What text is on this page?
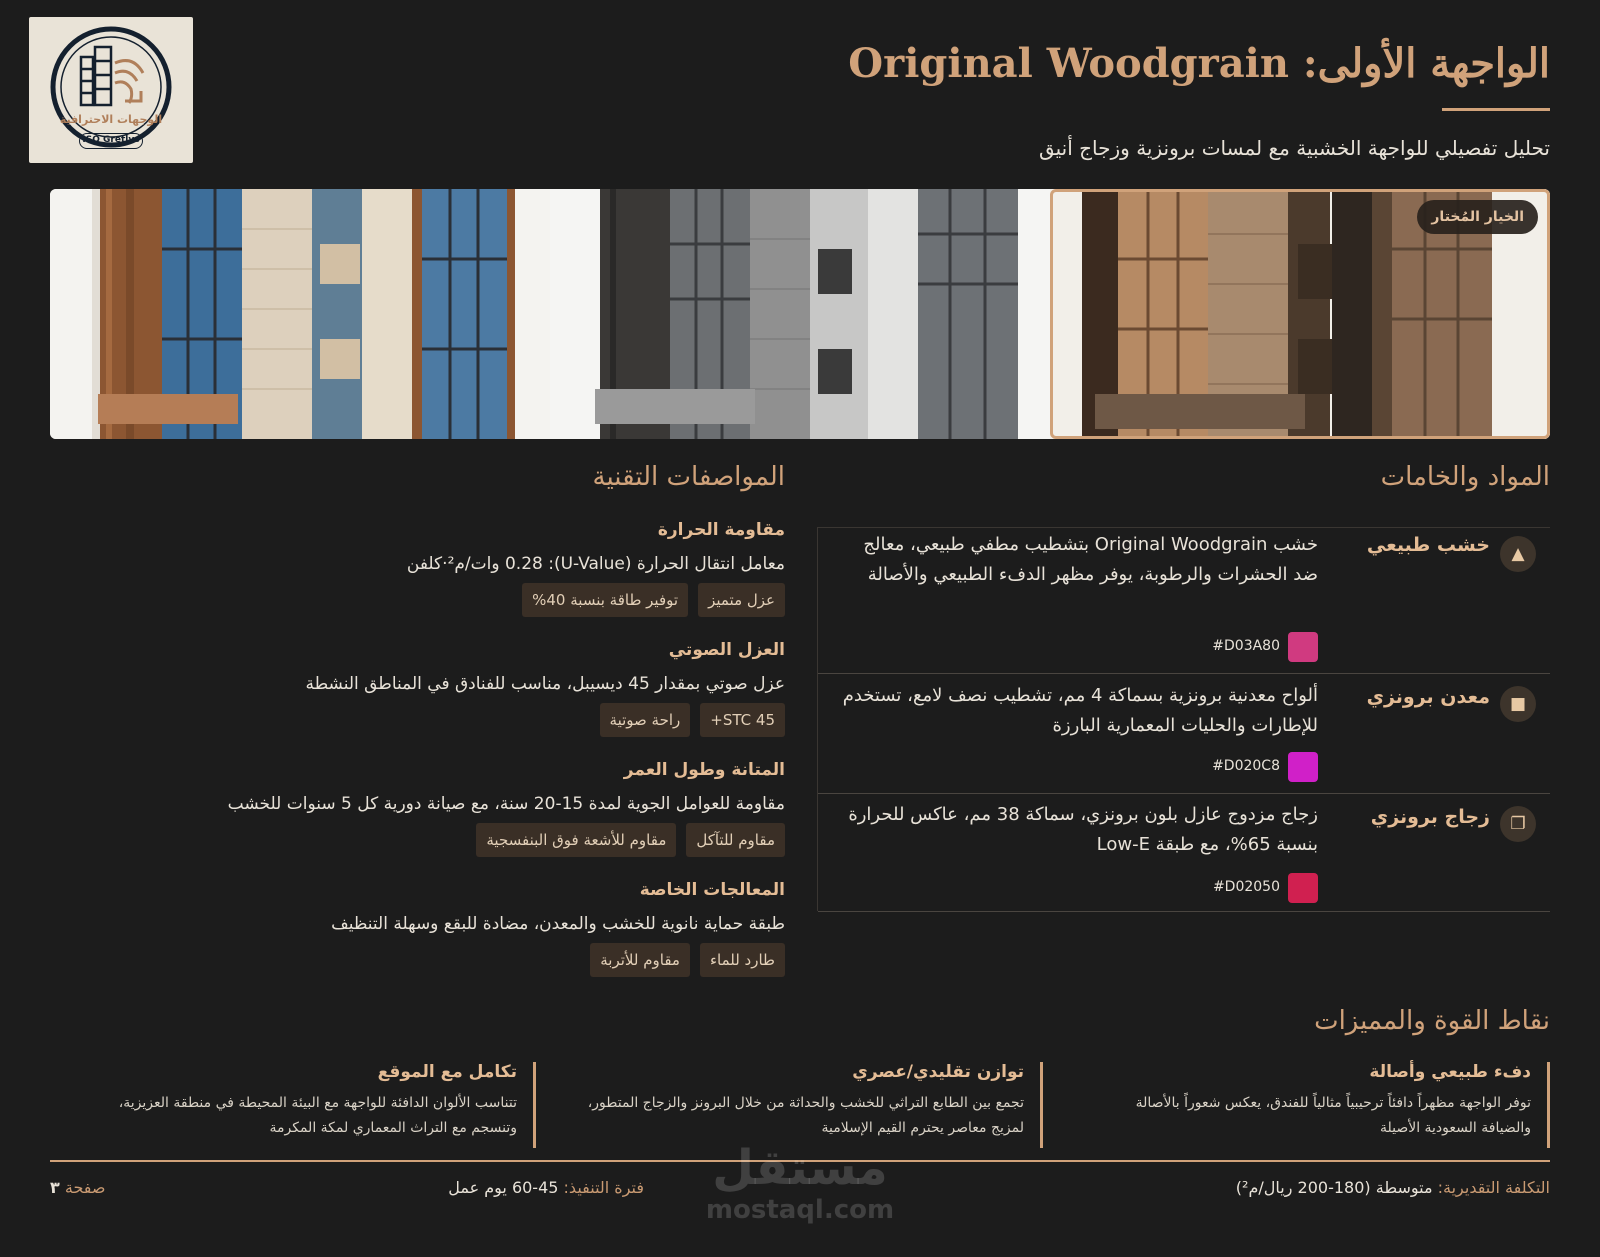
الوجهات الاحترافية
ISO Gretlys
الواجهة الأولى: Original Woodgrain
تحليل تفصيلي للواجهة الخشبية مع لمسات برونزية وزجاج أنيق
الخيار المُختار
المواد والخامات
المواصفات التقنية
▲
خشب طبيعي
خشب Original Woodgrain بتشطيب مطفي طبيعي، معالج ضد الحشرات والرطوبة، يوفر مظهر الدفء الطبيعي والأصالة
#D03A80
■
معدن برونزي
ألواح معدنية برونزية بسماكة 4 مم، تشطيب نصف لامع، تستخدم للإطارات والحليات المعمارية البارزة
#D020C8
❐
زجاج برونزي
زجاج مزدوج عازل بلون برونزي، سماكة 38 مم، عاكس للحرارة بنسبة 65%، مع طبقة Low-E
#D02050
مقاومة الحرارة
معامل انتقال الحرارة (U-Value): 0.28 وات/م²·كلفن
عزل متميز
توفير طاقة بنسبة 40%
العزل الصوتي
عزل صوتي بمقدار 45 ديسيبل، مناسب للفنادق في المناطق النشطة
STC 45+
راحة صوتية
المتانة وطول العمر
مقاومة للعوامل الجوية لمدة 15-20 سنة، مع صيانة دورية كل 5 سنوات للخشب
مقاوم للتآكل
مقاوم للأشعة فوق البنفسجية
المعالجات الخاصة
طبقة حماية نانوية للخشب والمعدن، مضادة للبقع وسهلة التنظيف
طارد للماء
مقاوم للأتربة
نقاط القوة والمميزات
دفء طبيعي وأصالة
توفر الواجهة مظهراً دافئاً ترحيبياً مثالياً للفندق، يعكس شعوراً بالأصالة والضيافة السعودية الأصيلة
توازن تقليدي/عصري
تجمع بين الطابع التراثي للخشب والحداثة من خلال البرونز والزجاج المتطور، لمزيج معاصر يحترم القيم الإسلامية
تكامل مع الموقع
تتناسب الألوان الدافئة للواجهة مع البيئة المحيطة في منطقة العزيزية، وتنسجم مع التراث المعماري لمكة المكرمة
التكلفة التقديرية: متوسطة (180-200 ريال/م²)
فترة التنفيذ: 45-60 يوم عمل
صفحة ٣	مستقل
mostaql.com
